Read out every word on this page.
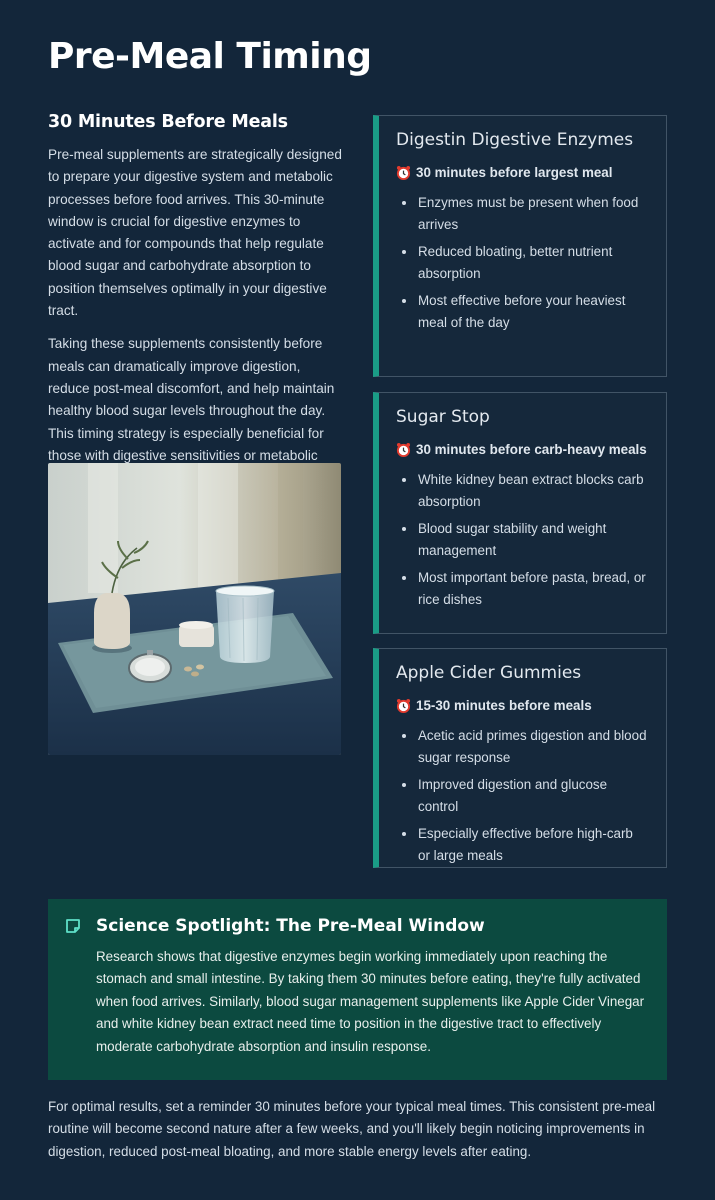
Pre-Meal Timing
30 Minutes Before Meals

Pre-meal supplements are strategically designed to prepare your digestive system and metabolic processes before food arrives. This 30-minute window is crucial for digestive enzymes to activate and for compounds that help regulate blood sugar and carbohydrate absorption to position themselves optimally in your digestive tract.

Taking these supplements consistently before meals can dramatically improve digestion, reduce post-meal discomfort, and help maintain healthy blood sugar levels throughout the day. This timing strategy is especially beneficial for those with digestive sensitivities or metabolic

Digestin Digestive Enzymes
30 minutes before largest meal
Enzymes must be present when food arrives
Reduced bloating, better nutrient absorption
Most effective before your heaviest meal of the day
Sugar Stop
30 minutes before carb-heavy meals
White kidney bean extract blocks carb absorption
Blood sugar stability and weight management
Most important before pasta, bread, or rice dishes
Apple Cider Gummies
15-30 minutes before meals
Acetic acid primes digestion and blood sugar response
Improved digestion and glucose control
Especially effective before high-carb or large meals
Science Spotlight: The Pre-Meal Window

Research shows that digestive enzymes begin working immediately upon reaching the stomach and small intestine. By taking them 30 minutes before eating, they're fully activated when food arrives. Similarly, blood sugar management supplements like Apple Cider Vinegar and white kidney bean extract need time to position in the digestive tract to effectively moderate carbohydrate absorption and insulin response.

For optimal results, set a reminder 30 minutes before your typical meal times. This consistent pre-meal routine will become second nature after a few weeks, and you'll likely begin noticing improvements in digestion, reduced post-meal bloating, and more stable energy levels after eating.
